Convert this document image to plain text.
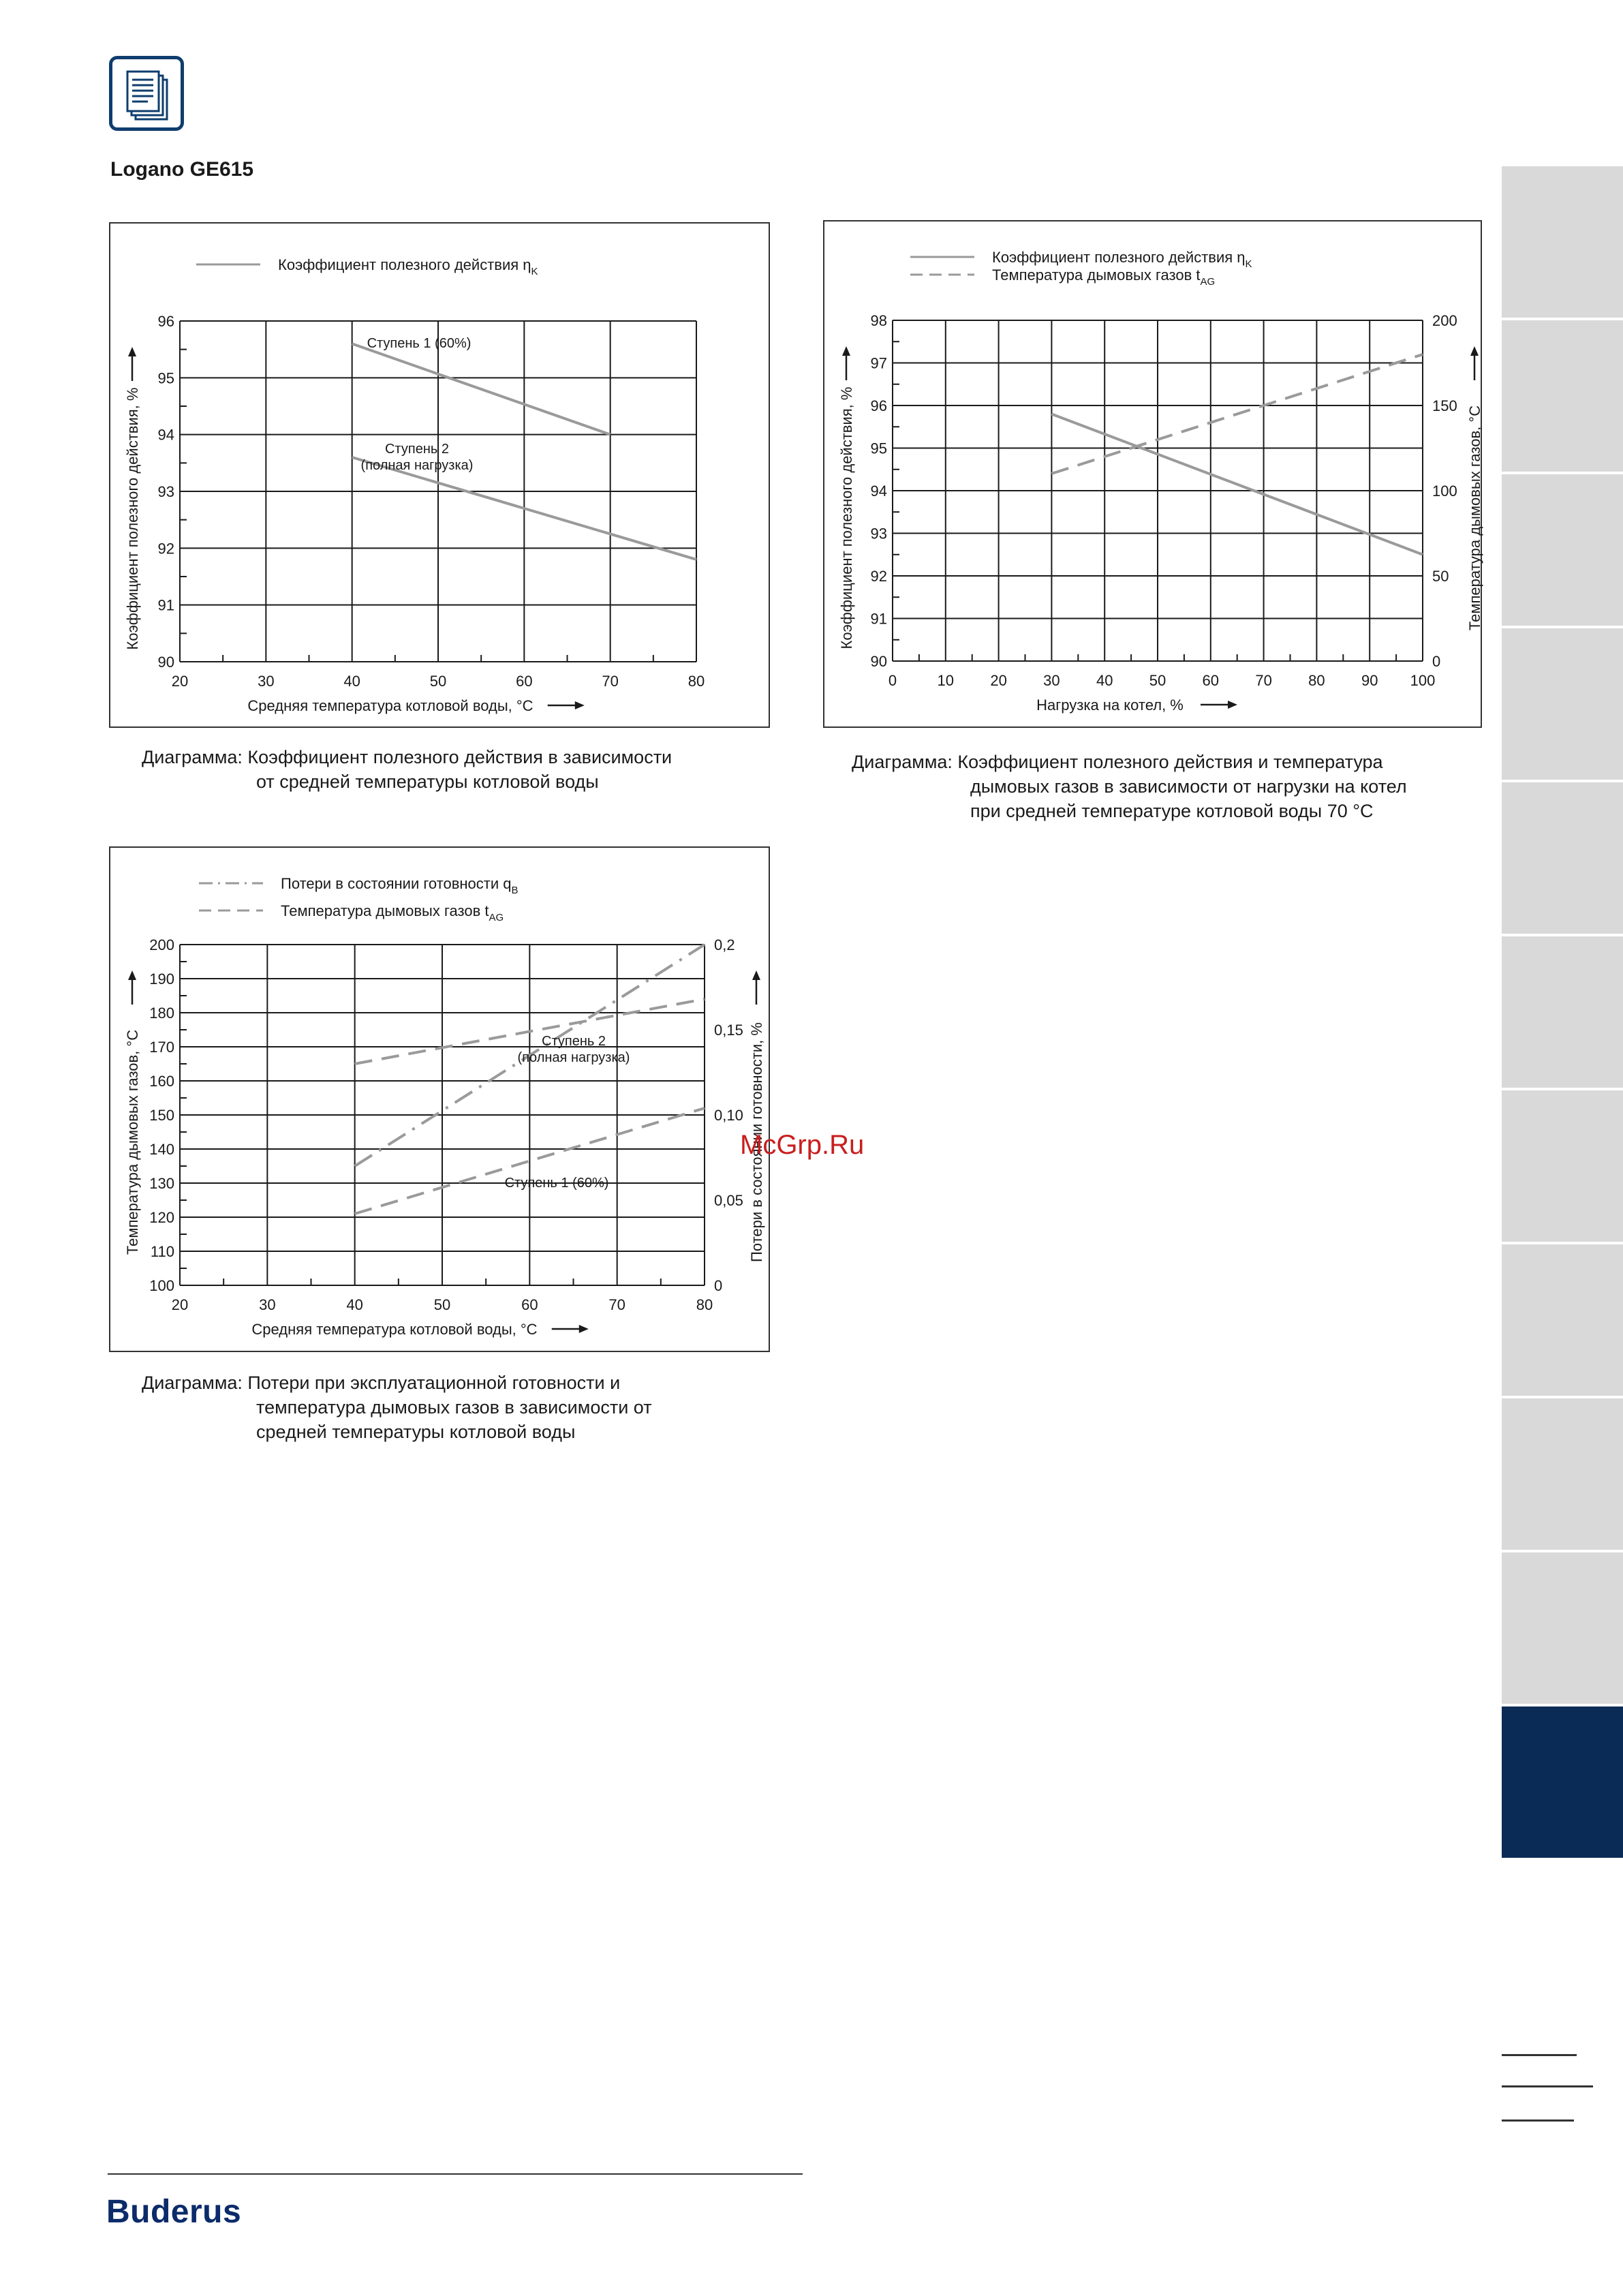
Logano GE615
20	30	40	50	60	70	80
90
91
92
93
94
95
96
Ступень 1 (60%)
Ступень 2
(полная нагрузка)
Коэффициент полезного действия $\eta_K$
Средняя температура котловой воды, °C
Коэффициент полезного действия, %
Диаграмма: Коэффициент полезного действия в зависимости
от средней температуры котловой воды
0	10 20 30 40 50 60 70 80 90 100
90
91
92
93
94
95
96
97
98
0
50
100
150
200
Коэффициент полезного действия $\eta_K$
Температура дымовых газов $t_{AG}$
Нагрузка на котел, %
Коэффициент полезного действия, %	Температура дымовых газов, °C
Диаграмма: Коэффициент полезного действия и температура
дымовых газов в зависимости от нагрузки на котел
при средней температуре котловой воды 70 °C
20	30	40	50	60	70	80
100
110
120
130
140
150
160
170
180
190
200
0
0,05
0,10
0,15
0,2
Ступень 2
(полная нагрузка)
Ступень 1 (60%)
Потери в состоянии готовности $q_B$
Температура дымовых газов $t_{AG}$
Средняя температура котловой воды, °C
Температура дымовых газов, °C	Потери в состоянии готовности, %
Диаграмма: Потери при эксплуатационной готовности и
температура дымовых газов в зависимости от
средней температуры котловой воды
McGrp.Ru
Buderus
